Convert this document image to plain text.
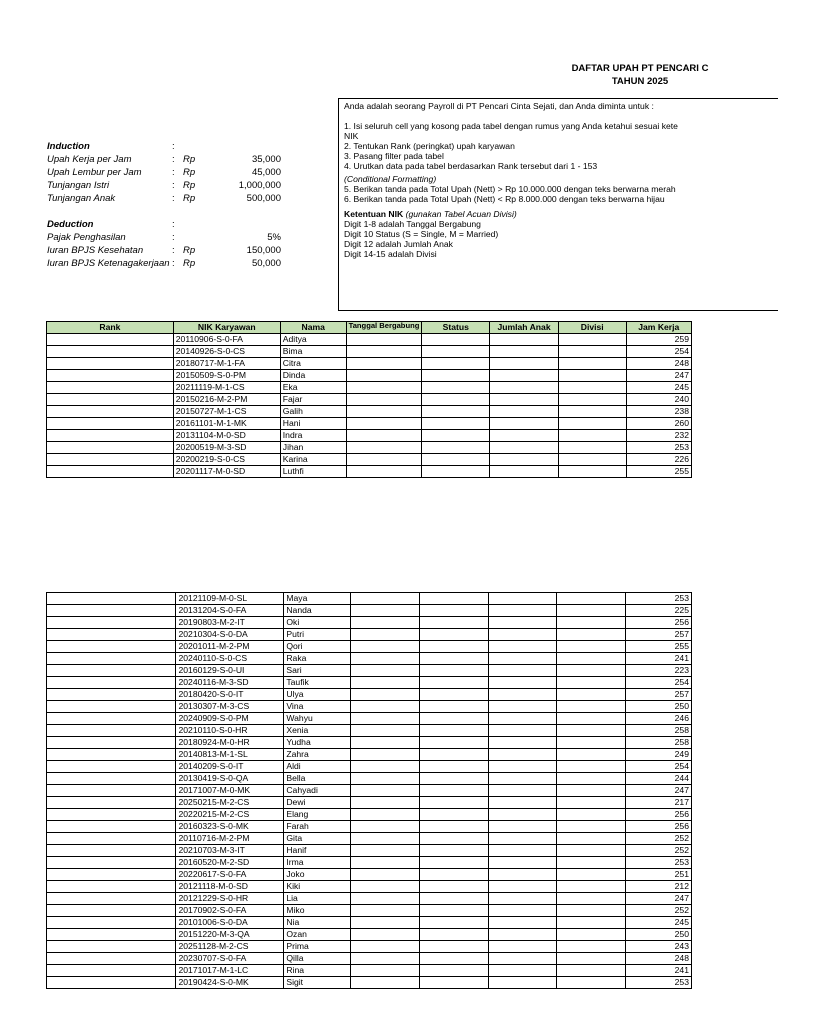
DAFTAR UPAH PT PENCARI C
TAHUN 2025
Induction	:
Upah Kerja per Jam	: Rp	35,000
Upah Lembur per Jam	: Rp	45,000
Tunjangan Istri	: Rp	1,000,000
Tunjangan Anak	: Rp	500,000
Deduction	:
Pajak Penghasilan	:	5%
Iuran BPJS Kesehatan	: Rp	150,000
Iuran BPJS Ketenagakerjaan : Rp	50,000
Anda adalah seorang Payroll di PT Pencari Cinta Sejati, dan Anda diminta untuk :
1. Isi seluruh cell yang kosong pada tabel dengan rumus yang Anda ketahui sesuai kete
NIK
2. Tentukan Rank (peringkat) upah karyawan
3. Pasang filter pada tabel
4. Urutkan data pada tabel berdasarkan Rank tersebut dari 1 - 153
(Conditional Formatting)
5. Berikan tanda pada Total Upah (Nett) > Rp 10.000.000 dengan teks berwarna merah
6. Berikan tanda pada Total Upah (Nett) < Rp 8.000.000 dengan teks berwarna hijau
Ketentuan NIK (gunakan Tabel Acuan Divisi)
Digit 1-8 adalah Tanggal Bergabung
Digit 10 Status (S = Single, M = Married)
Digit 12 adalah Jumlah Anak
Digit 14-15 adalah Divisi
Rank	NIK Karyawan	Nama	Tanggal Bergabung	Status	Jumlah Anak	Divisi	Jam Kerja
	20110906-S-0-FA	Aditya					259
	20140926-S-0-CS	Bima					254
	20180717-M-1-FA	Citra					248
	20150509-S-0-PM	Dinda					247
	20211119-M-1-CS	Eka					245
	20150216-M-2-PM	Fajar					240
	20150727-M-1-CS	Galih					238
	20161101-M-1-MK	Hani					260
	20131104-M-0-SD	Indra					232
	20200519-M-3-SD	Jihan					253
	20200219-S-0-CS	Karina					226
	20201117-M-0-SD	Luthfi					255
	20121109-M-0-SL	Maya					253
	20131204-S-0-FA	Nanda					225
	20190803-M-2-IT	Oki					256
	20210304-S-0-DA	Putri					257
	20201011-M-2-PM	Qori					255
	20240110-S-0-CS	Raka					241
	20160129-S-0-UI	Sari					223
	20240116-M-3-SD	Taufik					254
	20180420-S-0-IT	Ulya					257
	20130307-M-3-CS	Vina					250
	20240909-S-0-PM	Wahyu					246
	20210110-S-0-HR	Xenia					258
	20180924-M-0-HR	Yudha					258
	20140813-M-1-SL	Zahra					249
	20140209-S-0-IT	Aldi					254
	20130419-S-0-QA	Bella					244
	20171007-M-0-MK	Cahyadi					247
	20250215-M-2-CS	Dewi					217
	20220215-M-2-CS	Elang					256
	20160323-S-0-MK	Farah					256
	20110716-M-2-PM	Gita					252
	20210703-M-3-IT	Hanif					252
	20160520-M-2-SD	Irma					253
	20220617-S-0-FA	Joko					251
	20121118-M-0-SD	Kiki					212
	20121229-S-0-HR	Lia					247
	20170902-S-0-FA	Miko					252
	20101006-S-0-DA	Nia					245
	20151220-M-3-QA	Ozan					250
	20251128-M-2-CS	Prima					243
	20230707-S-0-FA	Qilla					248
	20171017-M-1-LC	Rina					241
	20190424-S-0-MK	Sigit					253
